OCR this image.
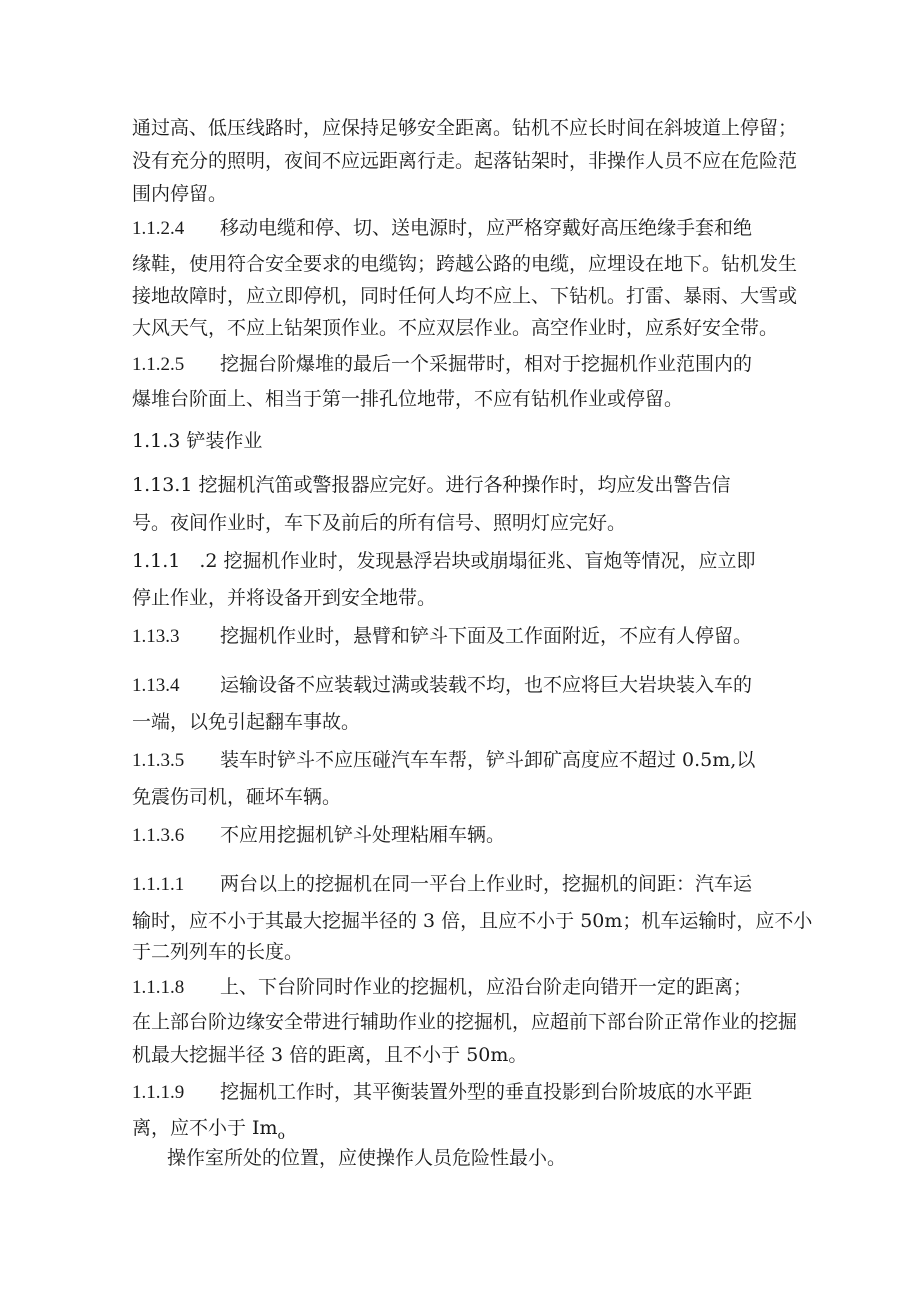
通过高、低压线路时，应保持足够安全距离。钻机不应长时间在斜坡道上停留；
没有充分的照明，夜间不应远距离行走。起落钻架时，非操作人员不应在危险范
围内停留。
1.1.2.4 移动电缆和停、切、送电源时，应严格穿戴好高压绝缘手套和绝
缘鞋，使用符合安全要求的电缆钩；跨越公路的电缆，应埋设在地下。钻机发生
接地故障时，应立即停机，同时任何人均不应上、下钻机。打雷、暴雨、大雪或
大风天气，不应上钻架顶作业。不应双层作业。高空作业时，应系好安全带。
1.1.2.5 挖掘台阶爆堆的最后一个采掘带时，相对于挖掘机作业范围内的
爆堆台阶面上、相当于第一排孔位地带，不应有钻机作业或停留。
1.1.3 铲装作业
1.13.1 挖掘机汽笛或警报器应完好。进行各种操作时，均应发出警告信
号。夜间作业时，车下及前后的所有信号、照明灯应完好。
1.1.1　.2 挖掘机作业时，发现悬浮岩块或崩塌征兆、盲炮等情况，应立即
停止作业，并将设备开到安全地带。
1.13.3 挖掘机作业时，悬臂和铲斗下面及工作面附近，不应有人停留。
1.13.4 运输设备不应装载过满或装载不均，也不应将巨大岩块装入车的
一端，以免引起翻车事故。
1.1.3.5 装车时铲斗不应压碰汽车车帮，铲斗卸矿高度应不超过 0.5m,以
免震伤司机，砸坏车辆。
1.1.3.6 不应用挖掘机铲斗处理粘厢车辆。
1.1.1.1 两台以上的挖掘机在同一平台上作业时，挖掘机的间距：汽车运
输时，应不小于其最大挖掘半径的 3 倍，且应不小于 50m；机车运输时，应不小
于二列列车的长度。
1.1.1.8 上、下台阶同时作业的挖掘机，应沿台阶走向错开一定的距离；
在上部台阶边缘安全带进行辅助作业的挖掘机，应超前下部台阶正常作业的挖掘
机最大挖掘半径 3 倍的距离，且不小于 50m。
1.1.1.9 挖掘机工作时，其平衡装置外型的垂直投影到台阶坡底的水平距
离，应不小于 $Im_o$
操作室所处的位置，应使操作人员危险性最小。
